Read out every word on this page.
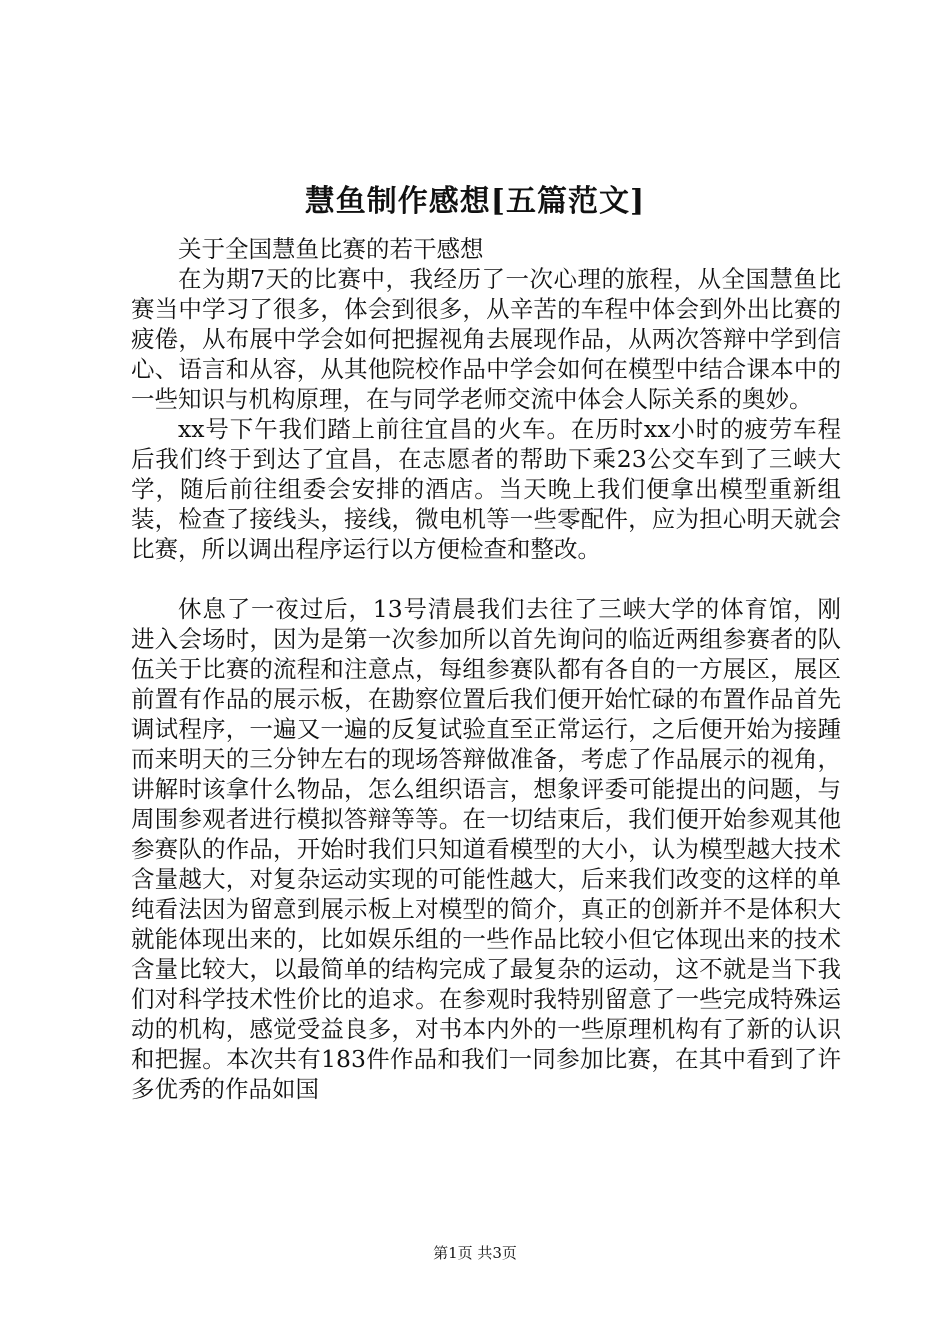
慧鱼制作感想[五篇范文]

关于全国慧鱼比赛的若干感想

在为期7天的比赛中，我经历了一次心理的旅程，从全国慧鱼比赛当中学习了很多，体会到很多，从辛苦的车程中体会到外出比赛的疲倦，从布展中学会如何把握视角去展现作品，从两次答辩中学到信心、语言和从容，从其他院校作品中学会如何在模型中结合课本中的一些知识与机构原理，在与同学老师交流中体会人际关系的奥妙。

xx号下午我们踏上前往宜昌的火车。在历时xx小时的疲劳车程后我们终于到达了宜昌，在志愿者的帮助下乘23公交车到了三峡大学，随后前往组委会安排的酒店。当天晚上我们便拿出模型重新组装，检查了接线头，接线，微电机等一些零配件，应为担心明天就会比赛，所以调出程序运行以方便检查和整改。

休息了一夜过后，13号清晨我们去往了三峡大学的体育馆，刚进入会场时，因为是第一次参加所以首先询问的临近两组参赛者的队伍关于比赛的流程和注意点，每组参赛队都有各自的一方展区，展区前置有作品的展示板，在勘察位置后我们便开始忙碌的布置作品首先调试程序，一遍又一遍的反复试验直至正常运行，之后便开始为接踵而来明天的三分钟左右的现场答辩做准备，考虑了作品展示的视角，讲解时该拿什么物品，怎么组织语言，想象评委可能提出的问题，与周围参观者进行模拟答辩等等。在一切结束后，我们便开始参观其他参赛队的作品，开始时我们只知道看模型的大小，认为模型越大技术含量越大，对复杂运动实现的可能性越大，后来我们改变的这样的单纯看法因为留意到展示板上对模型的简介，真正的创新并不是体积大就能体现出来的，比如娱乐组的一些作品比较小但它体现出来的技术含量比较大，以最简单的结构完成了最复杂的运动，这不就是当下我们对科学技术性价比的追求。在参观时我特别留意了一些完成特殊运动的机构，感觉受益良多，对书本内外的一些原理机构有了新的认识和把握。本次共有183件作品和我们一同参加比赛，在其中看到了许多优秀的作品如国

第1页 共3页
